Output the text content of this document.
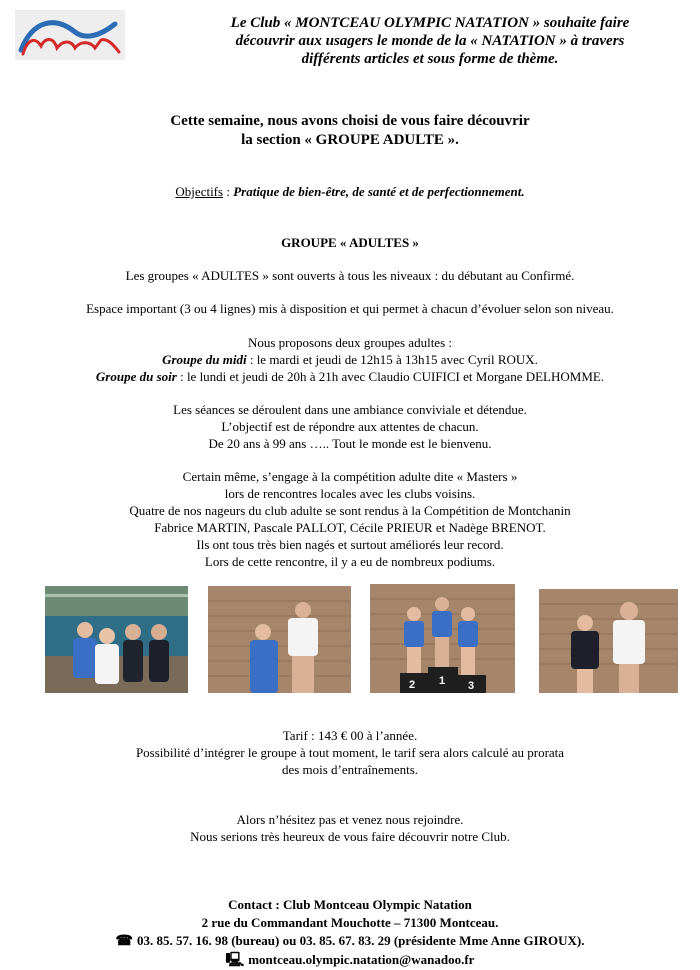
Le Club « MONTCEAU OLYMPIC NATATION » souhaite faire
découvrir aux usagers le monde de la « NATATION » à travers
différents articles et sous forme de thème.
Cette semaine, nous avons choisi de vous faire découvrir
la section « GROUPE ADULTE ».
Objectifs : Pratique de bien-être, de santé et de perfectionnement.
GROUPE « ADULTES »
Les groupes « ADULTES » sont ouverts à tous les niveaux : du débutant au Confirmé.
Espace important (3 ou 4 lignes) mis à disposition et qui permet à chacun d’évoluer selon son niveau.
Nous proposons deux groupes adultes :
Groupe du midi : le mardi et jeudi de 12h15 à 13h15 avec Cyril ROUX.
Groupe du soir : le lundi et jeudi de 20h à 21h avec Claudio CUIFICI et Morgane DELHOMME.
Les séances se déroulent dans une ambiance conviviale et détendue.
L’objectif est de répondre aux attentes de chacun.
De 20 ans à 99 ans ….. Tout le monde est le bienvenu.
Certain même, s’engage à la compétition adulte dite « Masters »
lors de rencontres locales avec les clubs voisins.
Quatre de nos nageurs du club adulte se sont rendus à la Compétition de Montchanin
Fabrice MARTIN, Pascale PALLOT, Cécile PRIEUR et Nadège BRENOT.
Ils ont tous très bien nagés et surtout améliorés leur record.
Lors de cette rencontre, il y a eu de nombreux podiums.
2 1 3
Tarif : 143 € 00 à l’année.
Possibilité d’intégrer le groupe à tout moment, le tarif sera alors calculé au prorata
des mois d’entraînements.
Alors n’hésitez pas et venez nous rejoindre.
Nous serions très heureux de vous faire découvrir notre Club.
Contact : Club Montceau Olympic Natation
2 rue du Commandant Mouchotte – 71300 Montceau.
☎ 03. 85. 57. 16. 98 (bureau) ou 03. 85. 67. 83. 29 (présidente Mme Anne GIROUX).
🖳 montceau.olympic.natation@wanadoo.fr
